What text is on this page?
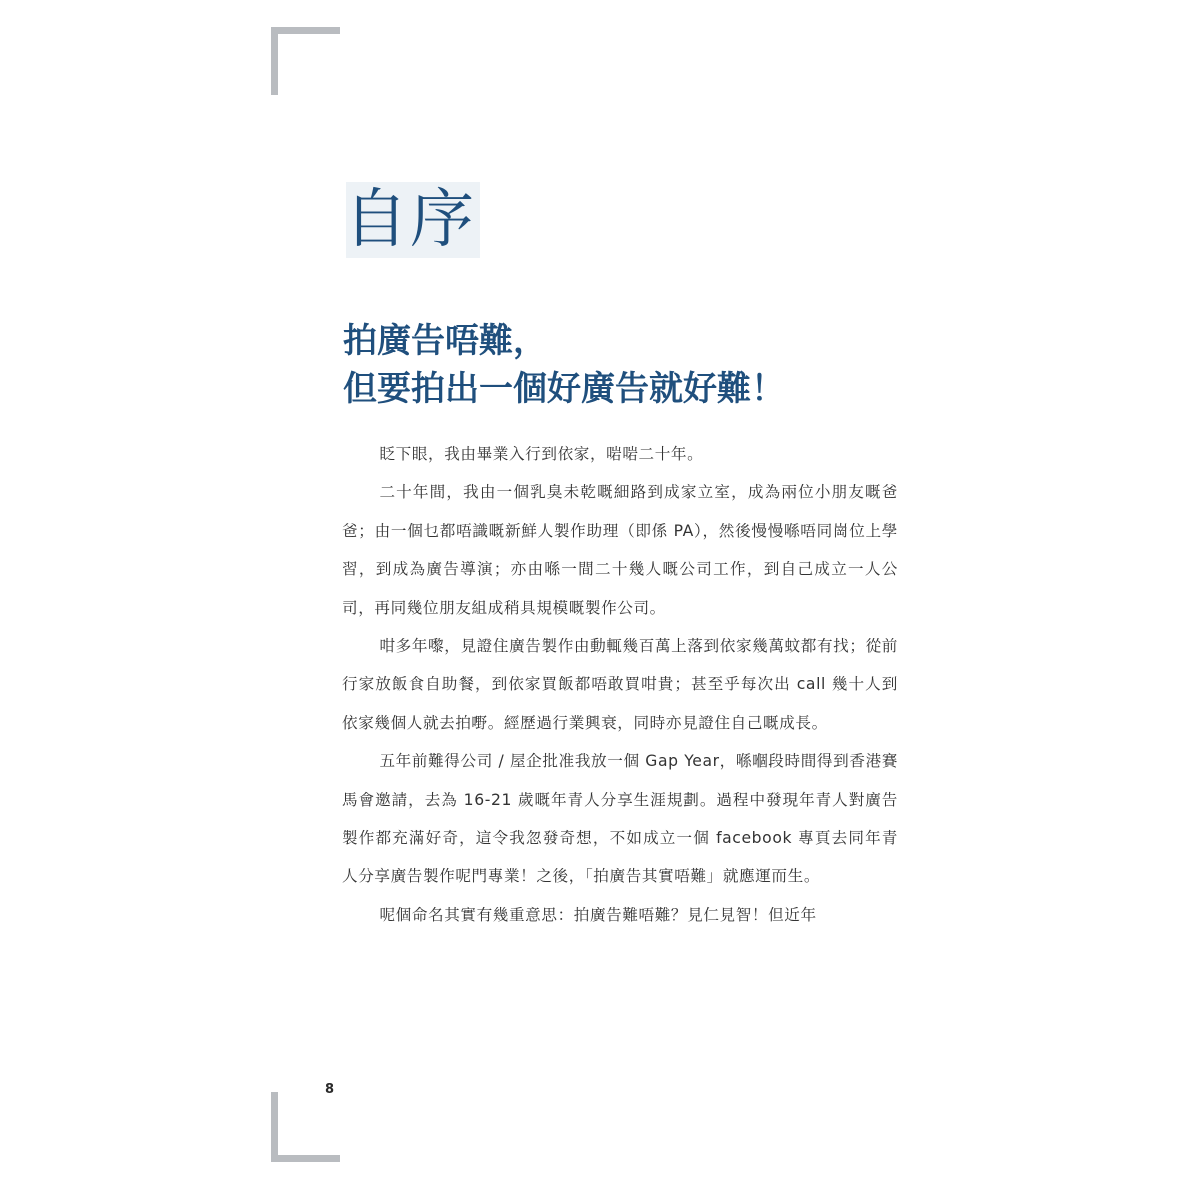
自序
拍廣告唔難，
但要拍出一個好廣告就好難！

眨下眼，我由畢業入行到依家，啱啱二十年。

二十年間，我由一個乳臭未乾嘅細路到成家立室，成為兩位小朋友嘅爸爸；由一個乜都唔識嘅新鮮人製作助理（即係 PA），然後慢慢喺唔同崗位上學習，到成為廣告導演；亦由喺一間二十幾人嘅公司工作，到自己成立一人公司，再同幾位朋友組成稍具規模嘅製作公司。

咁多年嚟，見證住廣告製作由動輒幾百萬上落到依家幾萬蚊都有找；從前行家放飯食自助餐，到依家買飯都唔敢買咁貴；甚至乎每次出 call 幾十人到依家幾個人就去拍嘢。經歷過行業興衰，同時亦見證住自己嘅成長。

五年前難得公司 / 屋企批准我放一個 Gap Year，喺嗰段時間得到香港賽馬會邀請，去為 16-21 歲嘅年青人分享生涯規劃。過程中發現年青人對廣告製作都充滿好奇，這令我忽發奇想，不如成立一個 facebook 專頁去同年青人分享廣告製作呢門專業！之後，「拍廣告其實唔難」就應運而生。

呢個命名其實有幾重意思：拍廣告難唔難？見仁見智！但近年

8
